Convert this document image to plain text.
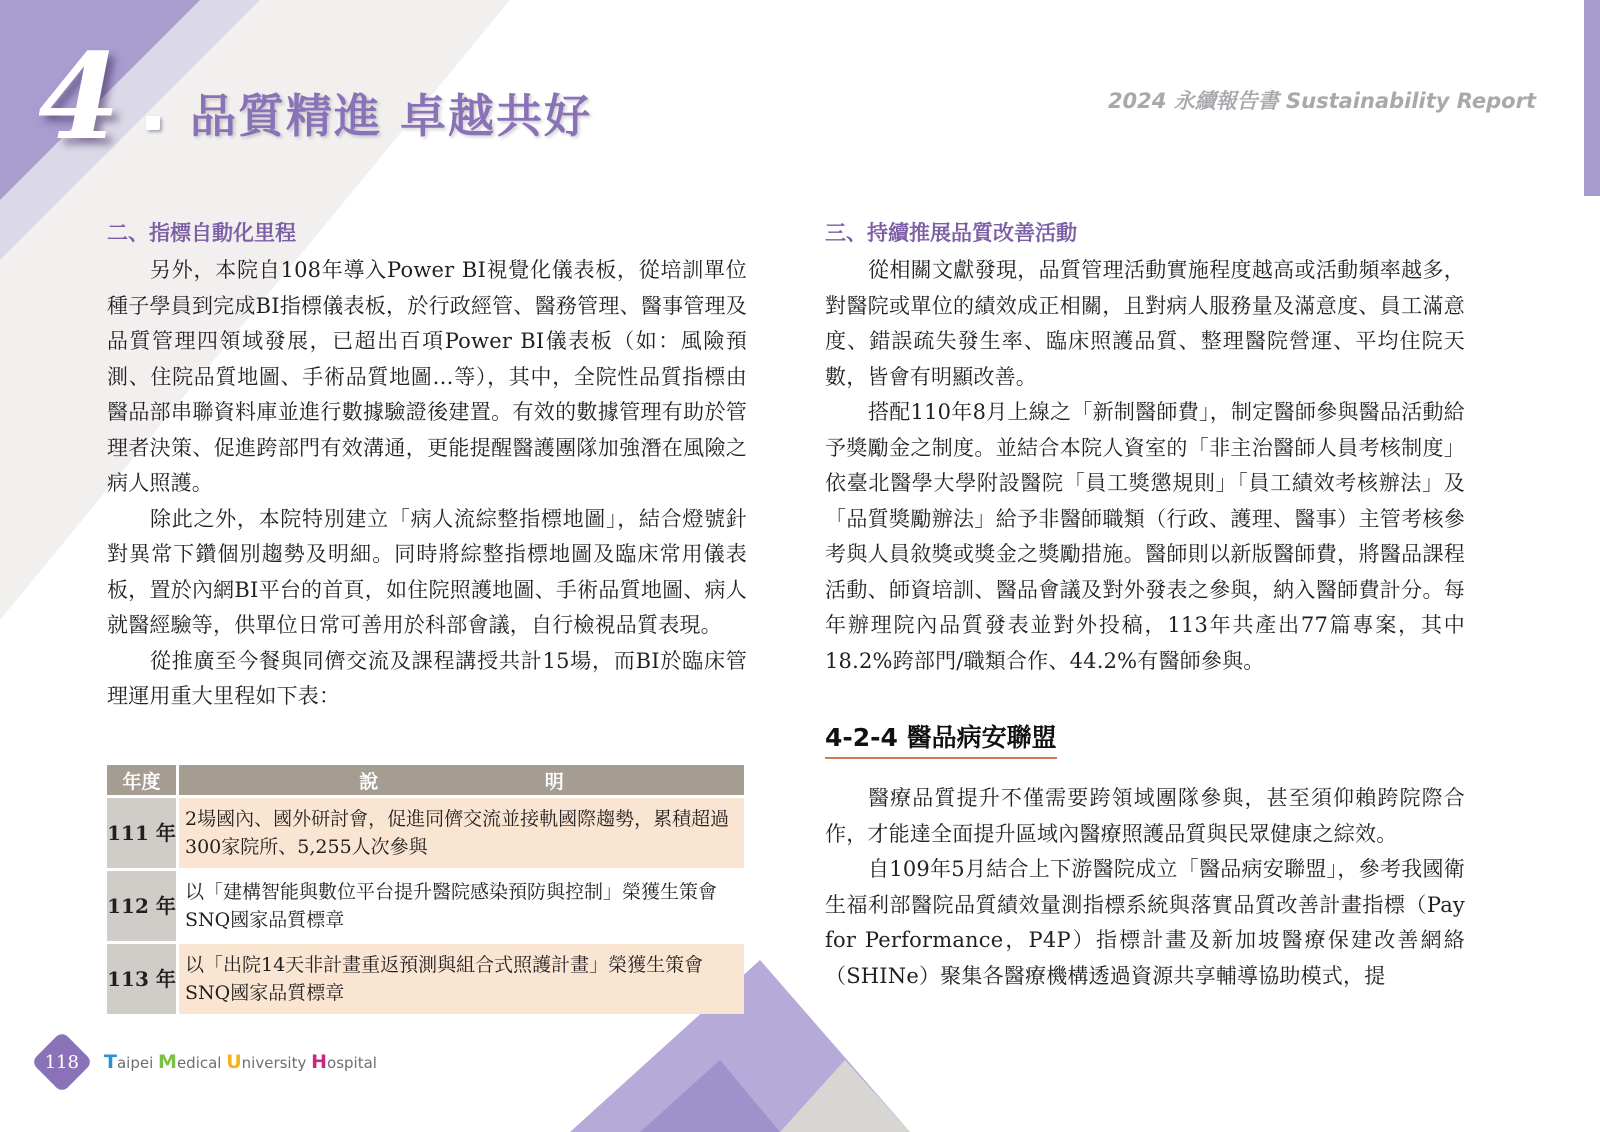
4 品質精進 卓越共好	2024 永續報告書 Sustainability Report
二、指標自動化里程

另外，本院自108年導入Power BI視覺化儀表板，從培訓單位種子學員到完成BI指標儀表板，於行政經管、醫務管理、醫事管理及品質管理四領域發展，已超出百項Power BI儀表板（如：風險預測、住院品質地圖、手術品質地圖…等），其中，全院性品質指標由醫品部串聯資料庫並進行數據驗證後建置。有效的數據管理有助於管理者決策、促進跨部門有效溝通，更能提醒醫護團隊加強潛在風險之病人照護。

除此之外，本院特別建立「病人流綜整指標地圖」，結合燈號針對異常下鑽個別趨勢及明細。同時將綜整指標地圖及臨床常用儀表板，置於內網BI平台的首頁，如住院照護地圖、手術品質地圖、病人就醫經驗等，供單位日常可善用於科部會議，自行檢視品質表現。

從推廣至今餐與同儕交流及課程講授共計15場，而BI於臨床管理運用重大里程如下表：

年度	說 明
111 年	2場國內、國外研討會，促進同儕交流並接軌國際趨勢，累積超過300家院所、5,255人次參與
112 年	以「建構智能與數位平台提升醫院感染預防與控制」榮獲生策會SNQ國家品質標章
113 年	以「出院14天非計畫重返預測與組合式照護計畫」榮獲生策會SNQ國家品質標章
三、持續推展品質改善活動

從相關文獻發現，品質管理活動實施程度越高或活動頻率越多，對醫院或單位的績效成正相關，且對病人服務量及滿意度、員工滿意度、錯誤疏失發生率、臨床照護品質、整理醫院營運、平均住院天數，皆會有明顯改善。

搭配110年8月上線之「新制醫師費」，制定醫師參與醫品活動給予獎勵金之制度。並結合本院人資室的「非主治醫師人員考核制度」依臺北醫學大學附設醫院「員工獎懲規則」「員工績效考核辦法」及「品質獎勵辦法」給予非醫師職類（行政、護理、醫事）主管考核參考與人員敘獎或獎金之獎勵措施。醫師則以新版醫師費，將醫品課程活動、師資培訓、醫品會議及對外發表之參與，納入醫師費計分。每年辦理院內品質發表並對外投稿，113年共產出77篇專案，其中18.2%跨部門/職類合作、44.2%有醫師參與。

4-2-4 醫品病安聯盟

醫療品質提升不僅需要跨領域團隊參與，甚至須仰賴跨院際合作，才能達全面提升區域內醫療照護品質與民眾健康之綜效。

自109年5月結合上下游醫院成立「醫品病安聯盟」，參考我國衛生福利部醫院品質績效量測指標系統與落實品質改善計畫指標（Pay for Performance，P4P）指標計畫及新加坡醫療保建改善網絡（SHINe）聚集各醫療機構透過資源共享輔導協助模式，提

118 Taipei Medical University Hospital
